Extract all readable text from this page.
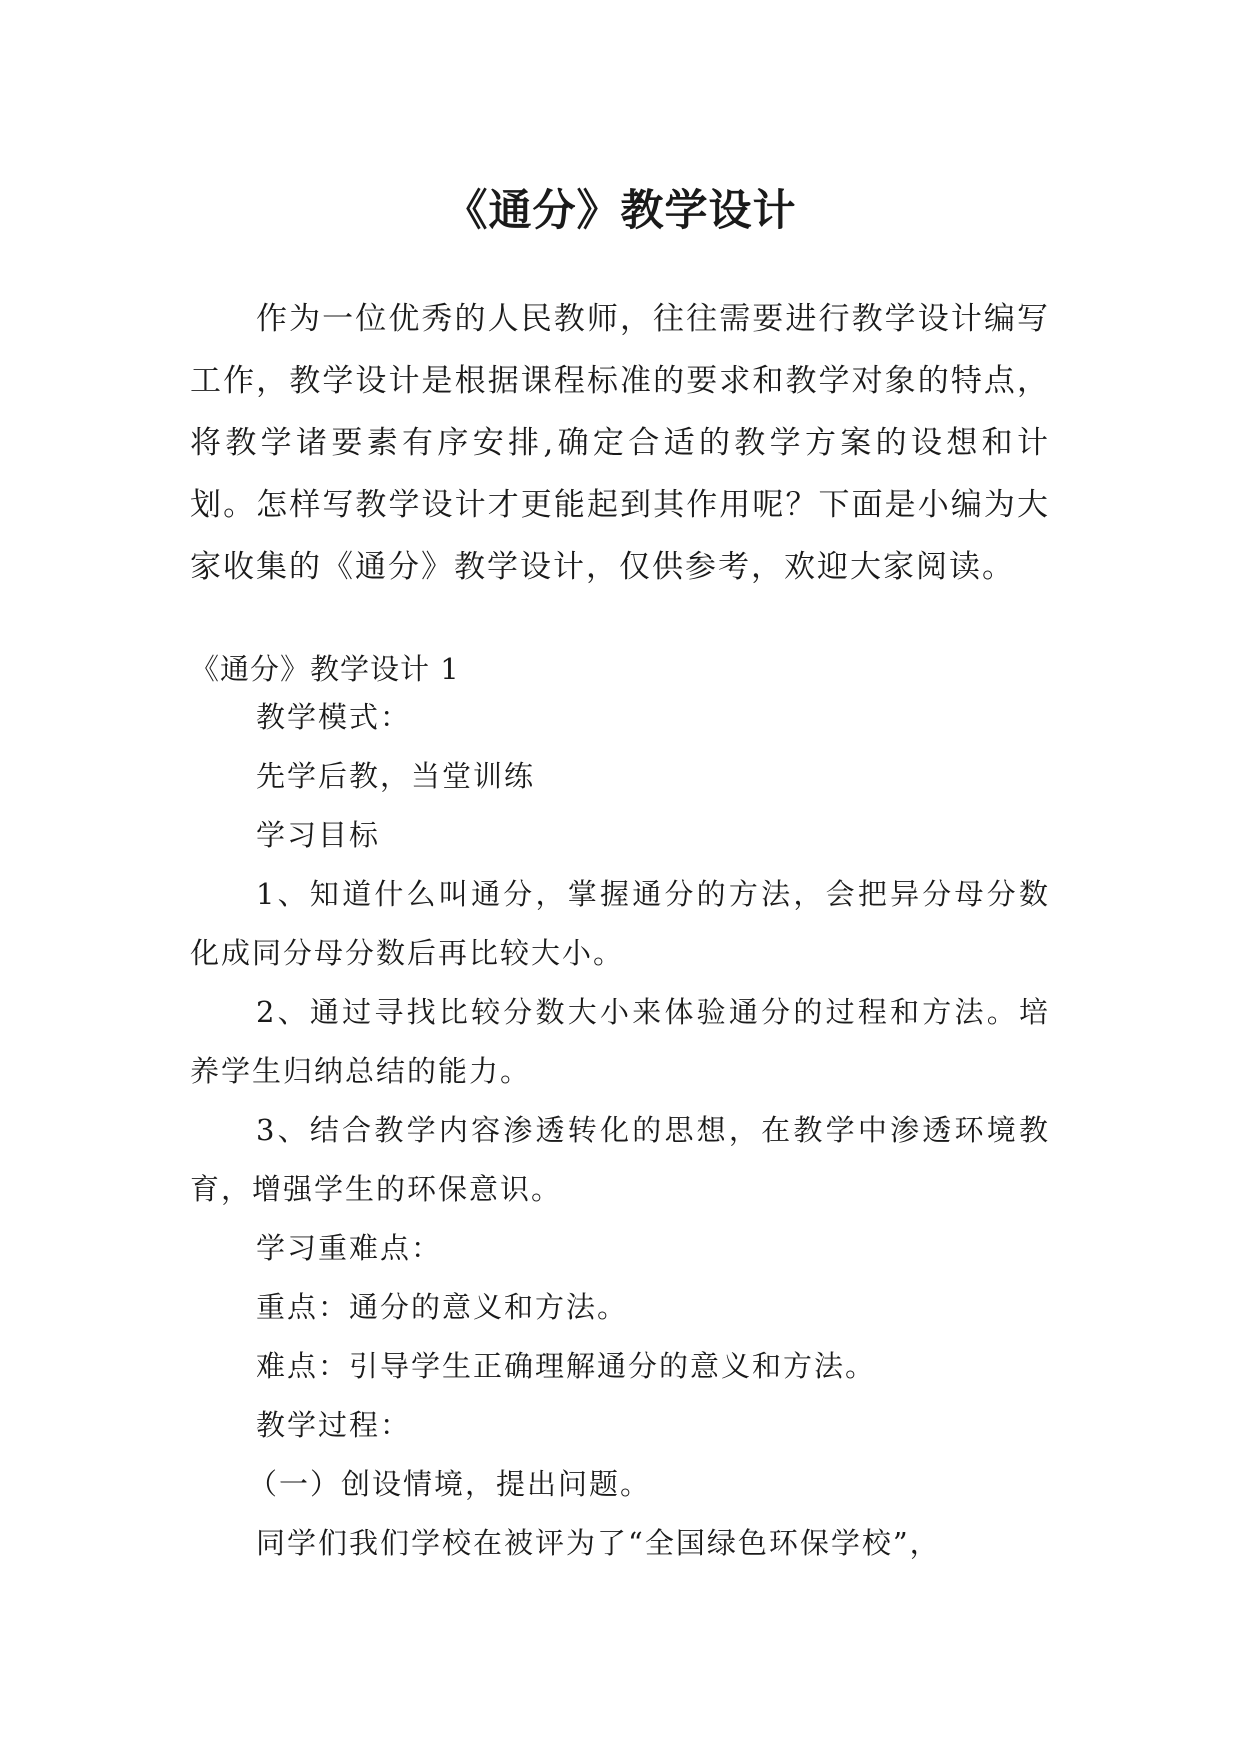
《通分》教学设计

作为一位优秀的人民教师，往往需要进行教学设计编写工作，教学设计是根据课程标准的要求和教学对象的特点，将教学诸要素有序安排,确定合适的教学方案的设想和计划。怎样写教学设计才更能起到其作用呢？下面是小编为大家收集的《通分》教学设计，仅供参考，欢迎大家阅读。

《通分》教学设计 1

教学模式：

先学后教，当堂训练

学习目标

1、知道什么叫通分，掌握通分的方法，会把异分母分数化成同分母分数后再比较大小。

2、通过寻找比较分数大小来体验通分的过程和方法。培养学生归纳总结的能力。

3、结合教学内容渗透转化的思想，在教学中渗透环境教育，增强学生的环保意识。

学习重难点：

重点：通分的意义和方法。

难点：引导学生正确理解通分的意义和方法。

教学过程：

（一）创设情境，提出问题。

同学们我们学校在被评为了“全国绿色环保学校”，
